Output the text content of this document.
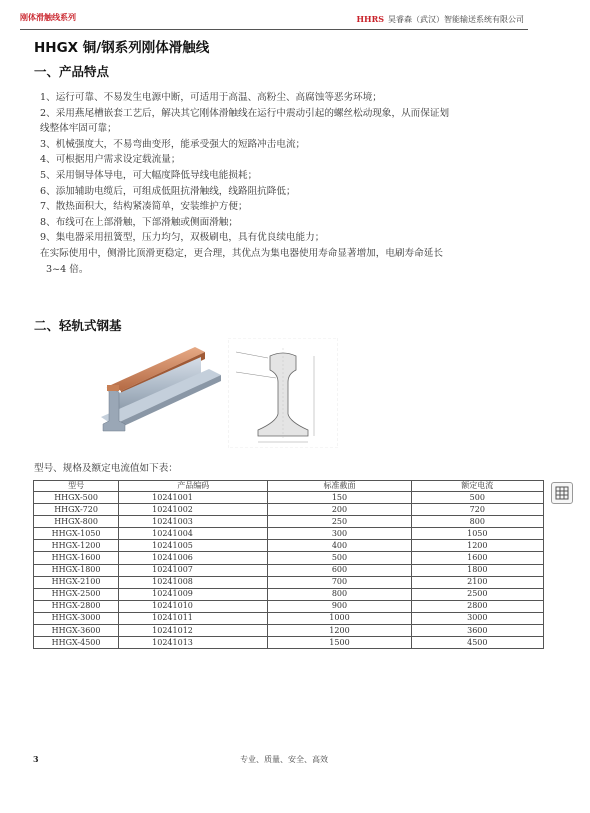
刚体滑触线系列	HHRS 昊睿森（武汉）智能输送系统有限公司
HHGX 铜/钢系列刚体滑触线
一、产品特点

1、运行可靠、不易发生电源中断，可适用于高温、高粉尘、高腐蚀等恶劣环境；

2、采用燕尾槽嵌套工艺后，解决其它刚体滑触线在运行中震动引起的螺丝松动现象，从而保证划

线整体牢固可靠；

3、机械强度大，不易弯曲变形，能承受强大的短路冲击电流；

4、可根据用户需求设定载流量；

5、采用铜导体导电，可大幅度降低导线电能损耗；

6、添加辅助电缆后，可组成低阻抗滑触线，线路阻抗降低；

7、散热面积大，结构紧凑简单，安装维护方便；

8、布线可在上部滑触，下部滑触或侧面滑触；

9、集电器采用扭簧型，压力均匀，双极刷电，具有优良续电能力；

在实际使用中，侧滑比顶滑更稳定，更合理，其优点为集电器使用寿命显著增加，电刷寿命延长

3~4 倍。

二、轻轨式钢基
型号、规格及额定电流值如下表：
型号	产品编码	标准截面	额定电流
HHGX-500	10241001	150	500
HHGX-720	10241002	200	720
HHGX-800	10241003	250	800
HHGX-1050	10241004	300	1050
HHGX-1200	10241005	400	1200
HHGX-1600	10241006	500	1600
HHGX-1800	10241007	600	1800
HHGX-2100	10241008	700	2100
HHGX-2500	10241009	800	2500
HHGX-2800	10241010	900	2800
HHGX-3000	10241011	1000	3000
HHGX-3600	10241012	1200	3600
HHGX-4500	10241013	1500	4500
3	专业、质量、安全、高效
